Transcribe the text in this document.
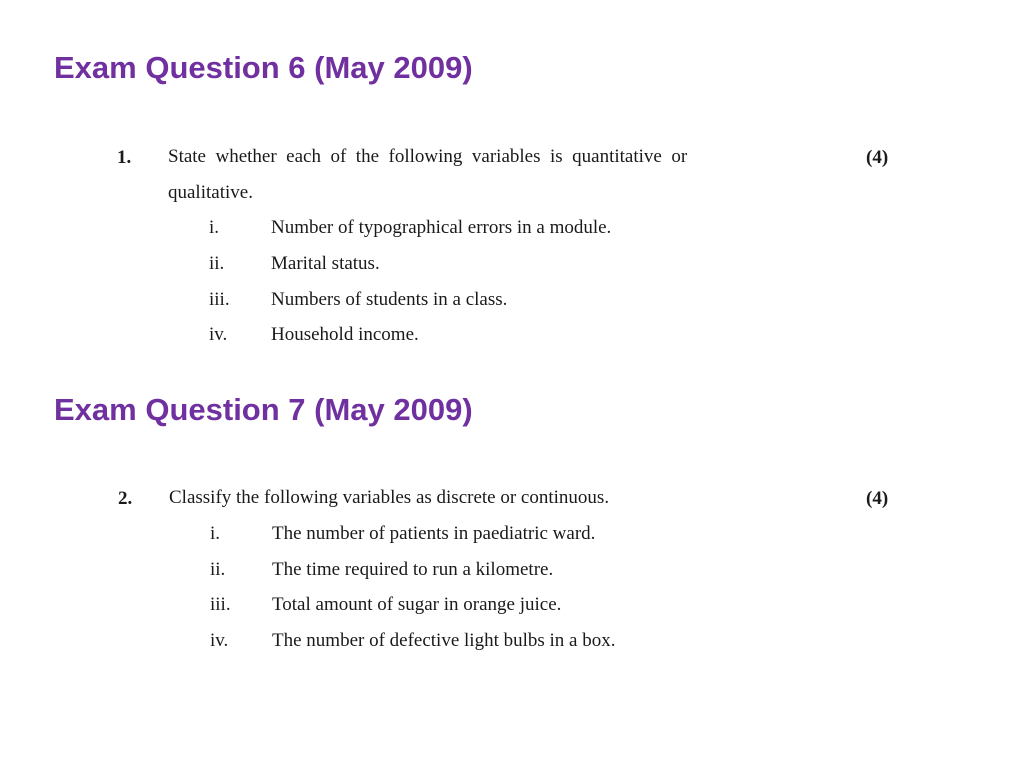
Exam Question 6 (May 2009)
1. State  whether  each  of  the  following  variables  is  quantitative  or
qualitative.
(4)
i.	Number of typographical errors in a module.
ii. Marital status.
iii. Numbers of students in a class.
iv. Household income.
Exam Question 7 (May 2009)
2. Classify the following variables as discrete or continuous.	(4)
i.	The number of patients in paediatric ward.
ii. The time required to run a kilometre.
iii. Total amount of sugar in orange juice.
iv. The number of defective light bulbs in a box.
